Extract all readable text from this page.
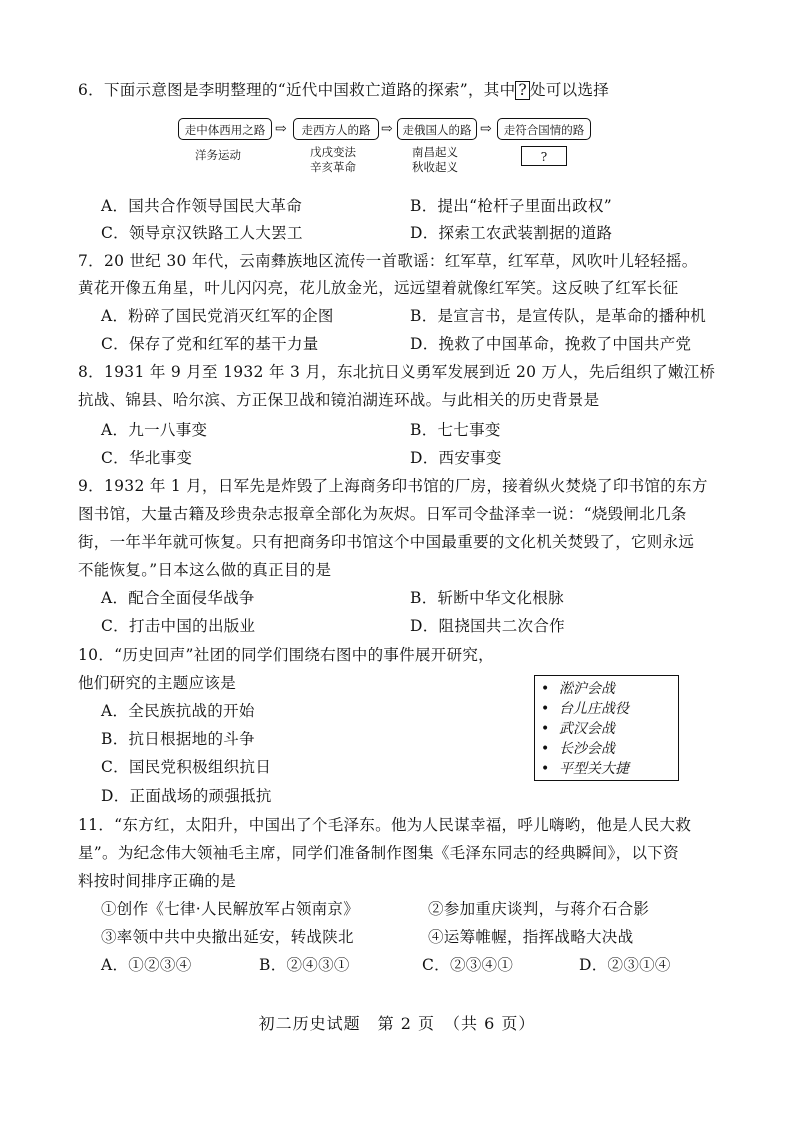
6．下面示意图是李明整理的“近代中国救亡道路的探索”，其中 ? 处可以选择
走中体西用之路 ⇨	走西方人的路 ⇨ 走俄国人的路 ⇨	走符合国情的路
洋务运动	戊戌变法
辛亥革命
南昌起义
秋收起义
?
A．国共合作领导国民大革命	B．提出“枪杆子里面出政权”
C．领导京汉铁路工人大罢工	D．探索工农武装割据的道路
7．20 世纪 30 年代，云南彝族地区流传一首歌谣：红军草，红军草，风吹叶儿轻轻摇。
黄花开像五角星，叶儿闪闪亮，花儿放金光，远远望着就像红军笑。这反映了红军长征
A．粉碎了国民党消灭红军的企图	B．是宣言书，是宣传队，是革命的播种机
C．保存了党和红军的基干力量	D．挽救了中国革命，挽救了中国共产党
8．1931 年 9 月至 1932 年 3 月，东北抗日义勇军发展到近 20 万人，先后组织了嫩江桥
抗战、锦县、哈尔滨、方正保卫战和镜泊湖连环战。与此相关的历史背景是
A．九一八事变	B．七七事变
C．华北事变	D．西安事变
9．1932 年 1 月，日军先是炸毁了上海商务印书馆的厂房，接着纵火焚烧了印书馆的东方
图书馆，大量古籍及珍贵杂志报章全部化为灰烬。日军司令盐泽幸一说：“烧毁闸北几条
街，一年半年就可恢复。只有把商务印书馆这个中国最重要的文化机关焚毁了，它则永远
不能恢复。”日本这么做的真正目的是
A．配合全面侵华战争	B．斩断中华文化根脉
C．打击中国的出版业	D．阻挠国共二次合作
10．“历史回声”社团的同学们围绕右图中的事件展开研究，
他们研究的主题应该是
A．全民族抗战的开始
B．抗日根据地的斗争
C．国民党积极组织抗日
D．正面战场的顽强抵抗
• 淞沪会战
• 台儿庄战役
• 武汉会战
• 长沙会战
• 平型关大捷
11．“东方红，太阳升，中国出了个毛泽东。他为人民谋幸福，呼儿嗨哟，他是人民大救
星”。为纪念伟大领袖毛主席，同学们准备制作图集《毛泽东同志的经典瞬间》，以下资
料按时间排序正确的是
①创作《七律·人民解放军占领南京》	②参加重庆谈判，与蒋介石合影
③率领中共中央撤出延安，转战陕北	④运筹帷幄，指挥战略大决战
A．①②③④	B．②④③①	C．②③④①	D．②③①④
初二历史试题　第 2 页　（共 6 页）
